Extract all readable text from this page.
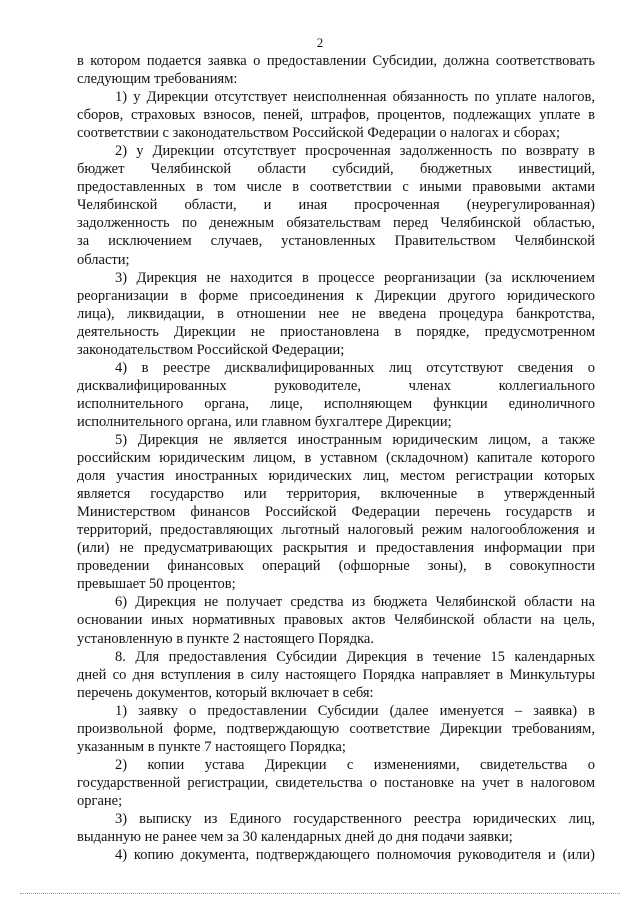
2
в котором подается заявка о предоставлении Субсидии, должна соответствовать
следующим требованиям:
1) у Дирекции отсутствует неисполненная обязанность по уплате налогов,
сборов, страховых взносов, пеней, штрафов, процентов, подлежащих уплате в
соответствии с законодательством Российской Федерации о налогах и сборах;
2) у Дирекции отсутствует просроченная задолженность по возврату в
бюджет Челябинской области субсидий, бюджетных инвестиций,
предоставленных в том числе в соответствии с иными правовыми актами
Челябинской области, и иная просроченная (неурегулированная)
задолженность по денежным обязательствам перед Челябинской областью,
за исключением случаев, установленных Правительством Челябинской
области;
3) Дирекция не находится в процессе реорганизации (за исключением
реорганизации в форме присоединения к Дирекции другого юридического
лица), ликвидации, в отношении нее не введена процедура банкротства,
деятельность Дирекции не приостановлена в порядке, предусмотренном
законодательством Российской Федерации;
4) в реестре дисквалифицированных лиц отсутствуют сведения о
дисквалифицированных руководителе, членах коллегиального
исполнительного органа, лице, исполняющем функции единоличного
исполнительного органа, или главном бухгалтере Дирекции;
5) Дирекция не является иностранным юридическим лицом, а также
российским юридическим лицом, в уставном (складочном) капитале которого
доля участия иностранных юридических лиц, местом регистрации которых
является государство или территория, включенные в утвержденный
Министерством финансов Российской Федерации перечень государств и
территорий, предоставляющих льготный налоговый режим налогообложения и
(или) не предусматривающих раскрытия и предоставления информации при
проведении финансовых операций (офшорные зоны), в совокупности
превышает 50 процентов;
6) Дирекция не получает средства из бюджета Челябинской области на
основании иных нормативных правовых актов Челябинской области на цель,
установленную в пункте 2 настоящего Порядка.
8. Для предоставления Субсидии Дирекция в течение 15 календарных
дней со дня вступления в силу настоящего Порядка направляет в Минкультуры
перечень документов, который включает в себя:
1) заявку о предоставлении Субсидии (далее именуется – заявка) в
произвольной форме, подтверждающую соответствие Дирекции требованиям,
указанным в пункте 7 настоящего Порядка;
2) копии устава Дирекции с изменениями, свидетельства о
государственной регистрации, свидетельства о постановке на учет в налоговом
органе;
3) выписку из Единого государственного реестра юридических лиц,
выданную не ранее чем за 30 календарных дней до дня подачи заявки;
4) копию документа, подтверждающего полномочия руководителя и (или)
